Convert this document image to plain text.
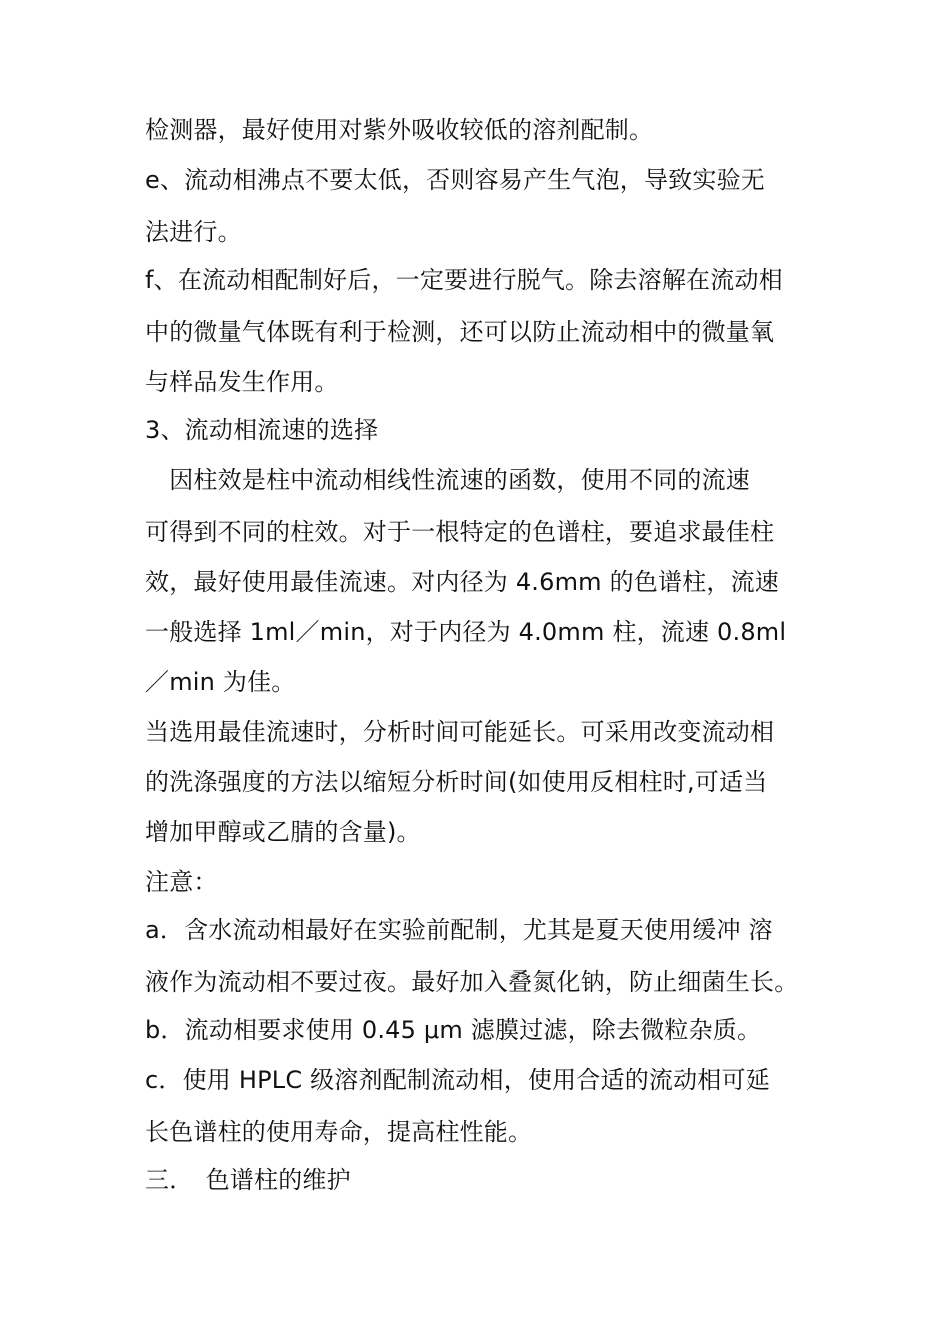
检测器，最好使用对紫外吸收较低的溶剂配制。
e、流动相沸点不要太低，否则容易产生气泡，导致实验无
法进行。
f、在流动相配制好后，一定要进行脱气。除去溶解在流动相
中的微量气体既有利于检测，还可以防止流动相中的微量氧
与样品发生作用。
3、流动相流速的选择
　因柱效是柱中流动相线性流速的函数，使用不同的流速
可得到不同的柱效。对于一根特定的色谱柱，要追求最佳柱
效，最好使用最佳流速。对内径为 4.6mm 的色谱柱，流速
一般选择 1ml／min，对于内径为 4.0mm 柱，流速 0.8ml
／min 为佳。
当选用最佳流速时，分析时间可能延长。可采用改变流动相
的洗涤强度的方法以缩短分析时间(如使用反相柱时,可适当
增加甲醇或乙腈的含量)。
注意：
a．含水流动相最好在实验前配制，尤其是夏天使用缓冲 溶
液作为流动相不要过夜。最好加入叠氮化钠，防止细菌生长。
b．流动相要求使用 0.45 μm 滤膜过滤，除去微粒杂质。
c．使用 HPLC 级溶剂配制流动相，使用合适的流动相可延
长色谱柱的使用寿命，提高柱性能。
三．　色谱柱的维护
